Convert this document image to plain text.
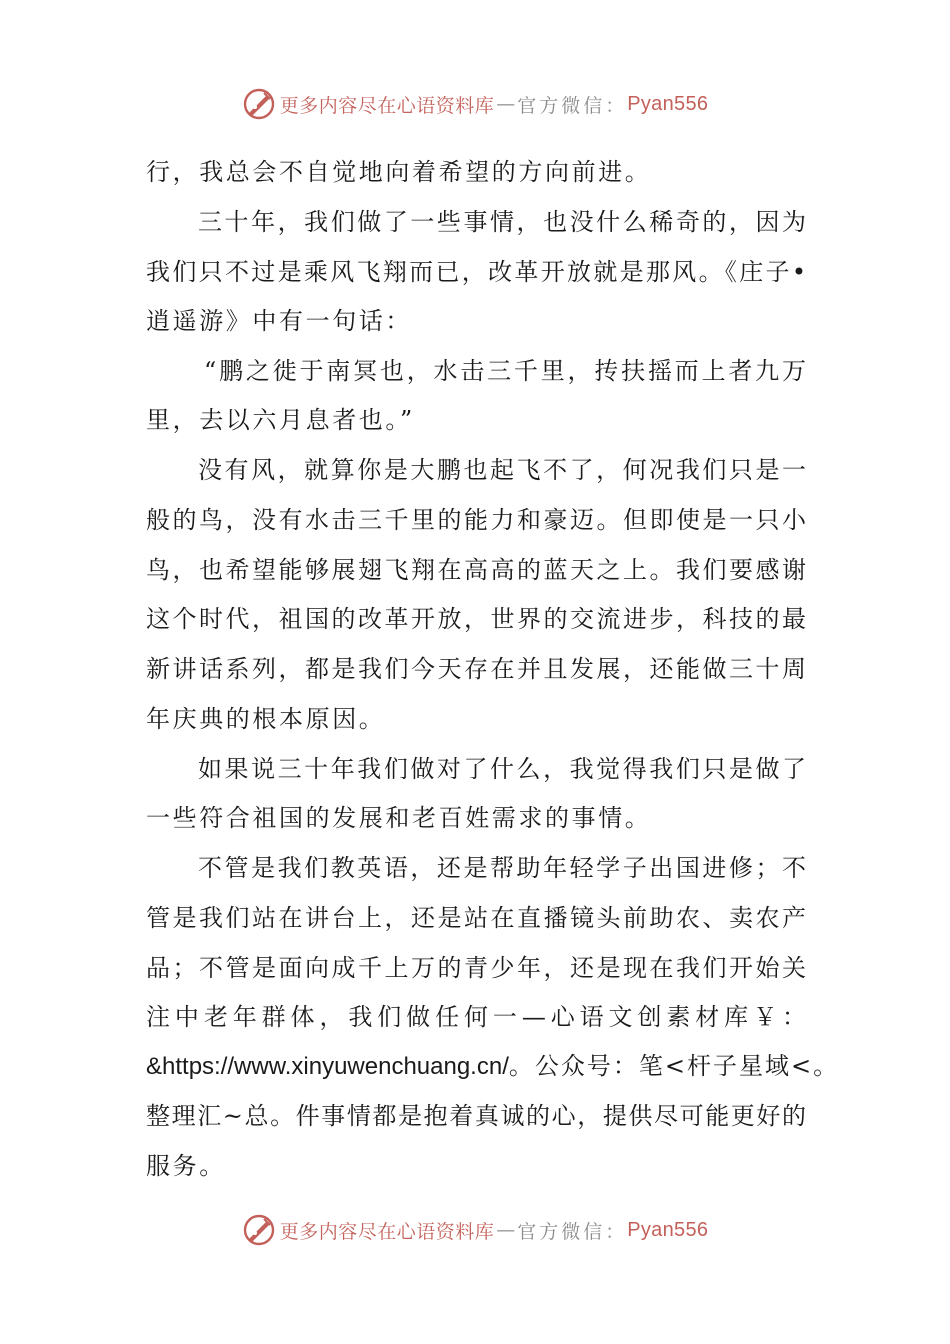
更多内容尽在心语资料库 — 官方微信： Pyan556
行，我总会不自觉地向着希望的方向前进。
三十年，我们做了一些事情，也没什么稀奇的，因为
我们只不过是乘风飞翔而已，改革开放就是那风。《庄子•
逍遥游》中有一句话：
“鹏之徙于南冥也，水击三千里，抟扶摇而上者九万
里，去以六月息者也。”
没有风，就算你是大鹏也起飞不了，何况我们只是一
般的鸟，没有水击三千里的能力和豪迈。但即使是一只小
鸟，也希望能够展翅飞翔在高高的蓝天之上。我们要感谢
这个时代，祖国的改革开放，世界的交流进步，科技的最
新讲话系列，都是我们今天存在并且发展，还能做三十周
年庆典的根本原因。
如果说三十年我们做对了什么，我觉得我们只是做了
一些符合祖国的发展和老百姓需求的事情。
不管是我们教英语，还是帮助年轻学子出国进修；不
管是我们站在讲台上，还是站在直播镜头前助农、卖农产
品；不管是面向成千上万的青少年，还是现在我们开始关
注中老年群体，我们做任何一—心语文创素材库￥：
&https://www.xinyuwenchuang.cn/。公众号：笔<杆子星域<。
整理汇~总。件事情都是抱着真诚的心，提供尽可能更好的
服务。
更多内容尽在心语资料库 — 官方微信： Pyan556
